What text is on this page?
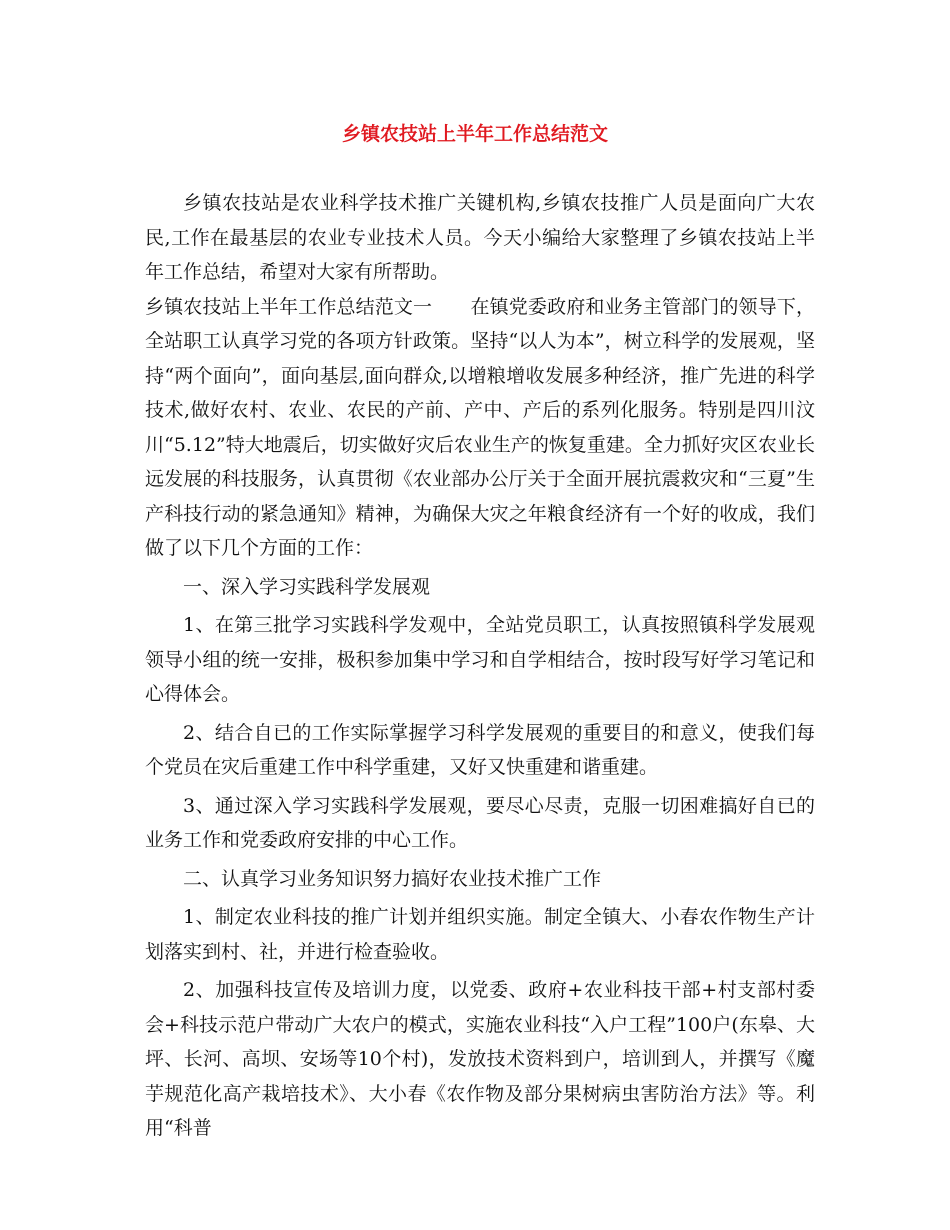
乡镇农技站上半年工作总结范文

乡镇农技站是农业科学技术推广关键机构,乡镇农技推广人员是面向广大农民,工作在最基层的农业专业技术人员。今天小编给大家整理了乡镇农技站上半年工作总结，希望对大家有所帮助。

乡镇农技站上半年工作总结范文一　　在镇党委政府和业务主管部门的领导下，全站职工认真学习党的各项方针政策。坚持“以人为本”，树立科学的发展观，坚持“两个面向”，面向基层,面向群众,以增粮增收发展多种经济，推广先进的科学技术,做好农村、农业、农民的产前、产中、产后的系列化服务。特别是四川汶川“5.12”特大地震后，切实做好灾后农业生产的恢复重建。全力抓好灾区农业长远发展的科技服务，认真贯彻《农业部办公厅关于全面开展抗震救灾和“三夏”生产科技行动的紧急通知》精神，为确保大灾之年粮食经济有一个好的收成，我们做了以下几个方面的工作：

一、深入学习实践科学发展观

1、在第三批学习实践科学发观中，全站党员职工，认真按照镇科学发展观领导小组的统一安排，极积参加集中学习和自学相结合，按时段写好学习笔记和心得体会。

2、结合自已的工作实际掌握学习科学发展观的重要目的和意义，使我们每个党员在灾后重建工作中科学重建，又好又快重建和谐重建。

3、通过深入学习实践科学发展观，要尽心尽责，克服一切困难搞好自已的业务工作和党委政府安排的中心工作。

二、认真学习业务知识努力搞好农业技术推广工作

1、制定农业科技的推广计划并组织实施。制定全镇大、小春农作物生产计划落实到村、社，并进行检查验收。

2、加强科技宣传及培训力度，以党委、政府+农业科技干部+村支部村委会+科技示范户带动广大农户的模式，实施农业科技“入户工程”100户(东皋、大坪、长河、高坝、安场等10个村)，发放技术资料到户，培训到人，并撰写《魔芋规范化高产栽培技术》、大小春《农作物及部分果树病虫害防治方法》等。利用“科普
